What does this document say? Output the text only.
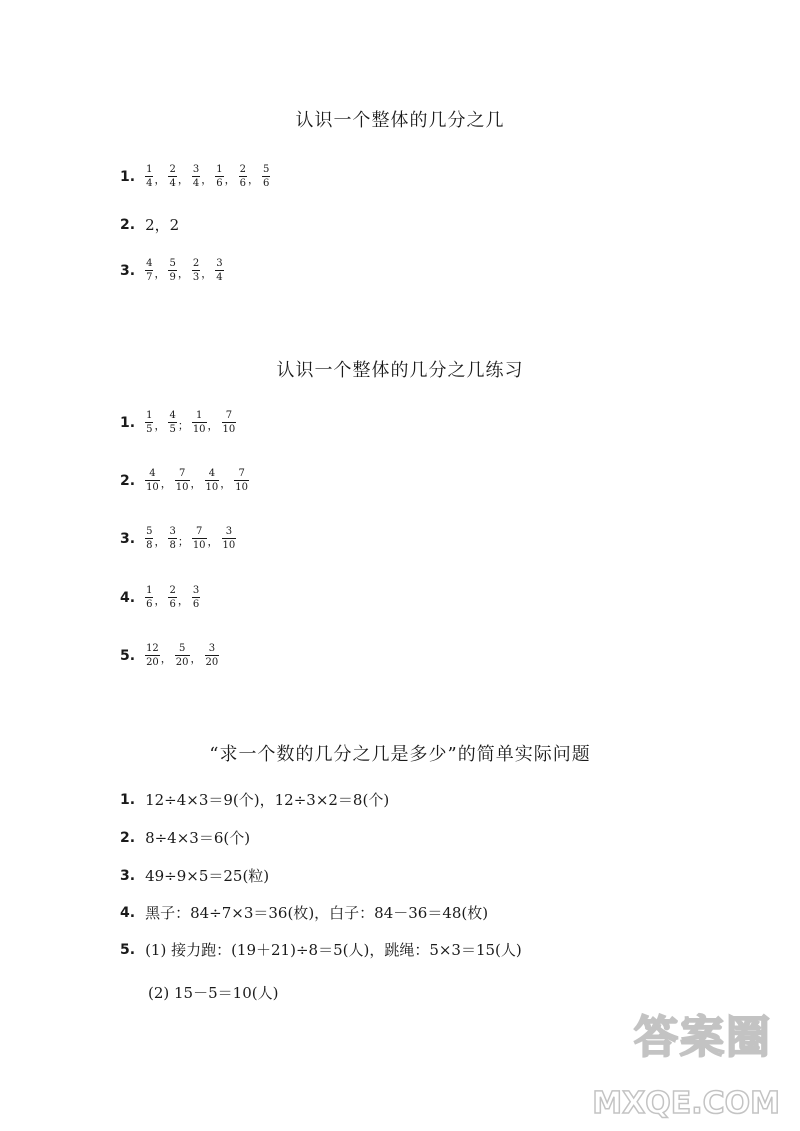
认识一个整体的几分之几
1. $\frac{1}{4}$ ， $\frac{2}{4}$ ， $\frac{3}{4}$ ， $\frac{1}{6}$ ， $\frac{2}{6}$ ， $\frac{5}{6}$
2. 2，2
3. $\frac{4}{7}$ ， $\frac{5}{9}$ ， $\frac{2}{3}$ ， $\frac{3}{4}$
认识一个整体的几分之几练习
1. $\frac{1}{5}$ ， $\frac{4}{5}$ ； $\frac{1}{10}$ ， $\frac{7}{10}$
2. $\frac{4}{10}$ ， $\frac{7}{10}$ ， $\frac{4}{10}$ ， $\frac{7}{10}$
3. $\frac{5}{8}$ ， $\frac{3}{8}$ ； $\frac{7}{10}$ ， $\frac{3}{10}$
4. $\frac{1}{6}$ ， $\frac{2}{6}$ ， $\frac{3}{6}$
5. $\frac{12}{20}$ ， $\frac{5}{20}$ ， $\frac{3}{20}$
“求一个数的几分之几是多少”的简单实际问题
1. 12÷4×3＝9(个)，12÷3×2＝8(个)
2. 8÷4×3＝6(个)
3. 49÷9×5＝25(粒)
4. 黑子：84÷7×3＝36(枚)，白子：84－36＝48(枚)
5. (1) 接力跑：(19＋21)÷8＝5(人)，跳绳：5×3＝15(人)
(2) 15－5＝10(人)
答案圈
MXQE.COM
